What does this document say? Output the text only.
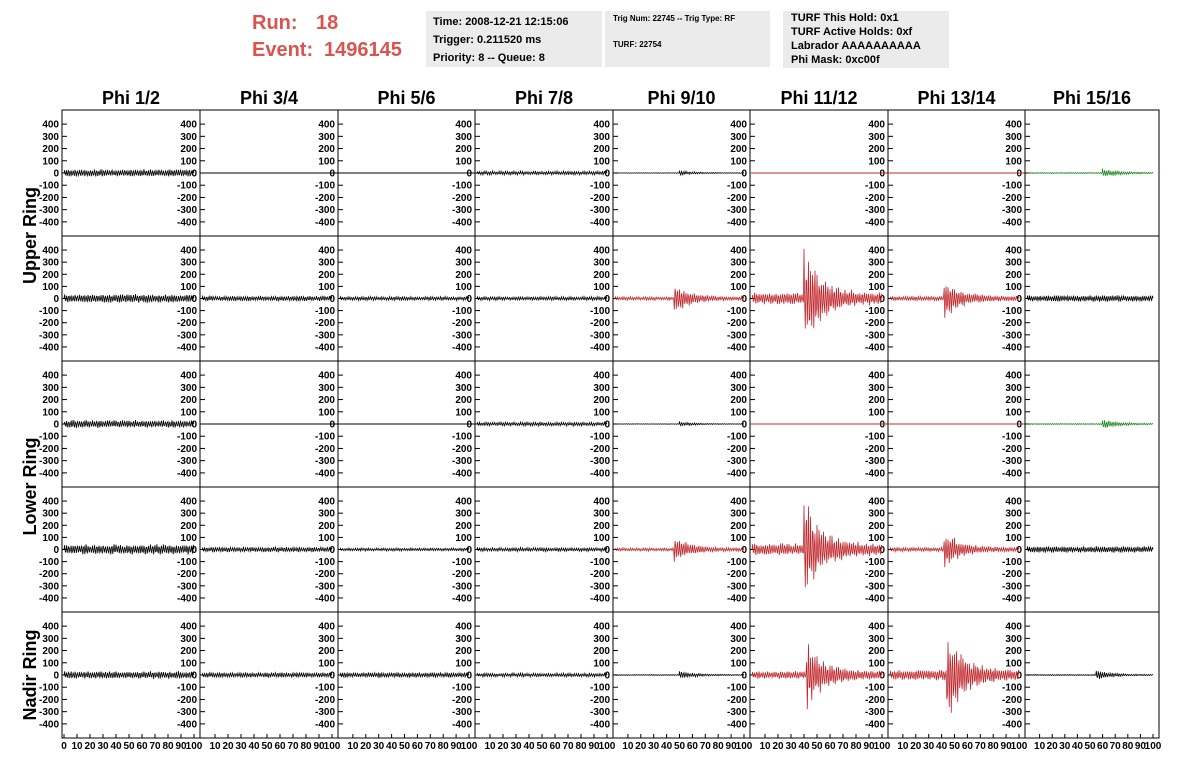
Run: 18
Event: 1496145
Time: 2008-12-21 12:15:06
Trigger: 0.211520 ms
Priority: 8 -- Queue: 8
Trig Num: 22745 -- Trig Type: RF
TURF: 22754
TURF This Hold: 0x1
TURF Active Holds: 0xf
Labrador AAAAAAAAAA
Phi Mask: 0xc00f
Phi 1/2	Phi 3/4	Phi 5/6	Phi 7/8	Phi 9/10	Phi 11/12	Phi 13/14	Phi 15/16
Upper Ring
Lower Ring
Nadir Ring
-400
-300
-200
-100
0
100
200
300
400
-400
-300
-200
-100
0
100
200
300
400
-400
-300
-200
-100
0
100
200
300
400
-400
-300
-200
-100
0
100
200
300
400
-400
-300
-200
-100
0
100
200
300
400
-400
-300
-200
-100
0
100
200
300
400
-400
-300
-200
-100
0
100
200
300
400
-400
-300
-200
-100
0
100
200
300
400
-400
-300
-200
-100
0
100
200
300
400
-400
-300
-200
-100
0
100
200
300
400
-400
-300
-200
-100
0
100
200
300
400
-400
-300
-200
-100
0
100
200
300
400
-400
-300
-200
-100
0
100
200
300
400
-400
-300
-200
-100
0
100
200
300
400
-400
-300
-200
-100
0
100
200
300
400
-400
-300
-200
-100
0
100
200
300
400
-400
-300
-200
-100
0
100
200
300
400
-400
-300
-200
-100
0
100
200
300
400
-400
-300
-200
-100
0
100
200
300
400
-400
-300
-200
-100
0
100
200
300
400
-400
-300
-200
-100
0
100
200
300
400
-400
-300
-200
-100
0
100
200
300
400
-400
-300
-200
-100
0
100
200
300
400
-400
-300
-200
-100
0
100
200
300
400
-400
-300
-200
-100
0
100
200
300
400
-400
-300
-200
-100
0
100
200
300
400
-400
-300
-200
-100
0
100
200
300
400
-400
-300
-200
-100
0
100
200
300
400
-400
-300
-200
-100
0
100
200
300
400
-400
-300
-200
-100
0
100
200
300
400
-400
-300
-200
-100
0
100
200
300
400
-400
-300
-200
-100
0
100
200
300
400
-400
-300
-200
-100
0
100
200
300
400
-400
-300
-200
-100
0
100
200
300
400
-400
-300
-200
-100
0
100
200
300
400
-400
-300
-200
-100
0
100
200
300
400
-400
-300
-200
-100
0
100
200
300
400
-400
-300
-200
-100
0
100
200
300
400
-400
-300
-200
-100
0
100
200
300
400
-400
-300
-200
-100
0
100
200
300
400
0 10 20 30 40 50 60 70 80 90 100 10 20 30 40 50 60 70 80 90 100 10 20 30 40 50 60 70 80 90
100 10 20 30 40 50 60 70 80 90 100 10 20 30 40 50 60 70 80 90
100 10 20 30 40 50 60 70 80 90 100 10 20 30 40 50 60 70 80 90
100 10 20 30 40 50 60 70 80 90
100
